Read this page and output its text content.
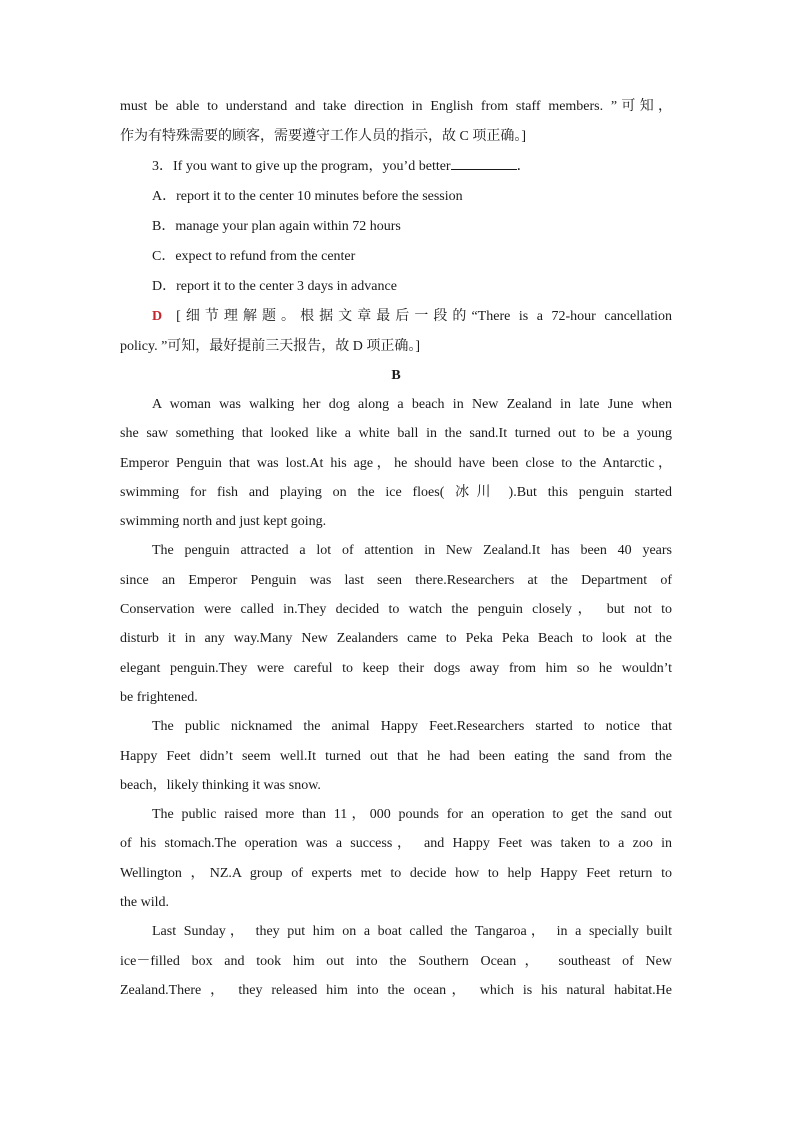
must be able to understand and take direction in English from staff members. ”可知，
作为有特殊需要的顾客，需要遵守工作人员的指示，故 C 项正确。]
3．If you want to give up the program，you’d better	．
A．report it to the center 10 minutes before the session
B．manage your plan again within 72 hours
C．expect to refund from the center
D．report it to the center 3 days in advance
D [细节理解题。根据文章最后一段的“There is a 72-hour cancellation
policy. ”可知，最好提前三天报告，故 D 项正确。]
B

A woman was walking her dog along a beach in New Zealand in late June when
she saw something that looked like a white ball in the sand.It turned out to be a young
Emperor Penguin that was lost.At his age，he should have been close to the Antarctic，
swimming for fish and playing on the ice floes( 冰川 ).But this penguin started
swimming north and just kept going.

The penguin attracted a lot of attention in New Zealand.It has been 40 years
since an Emperor Penguin was last seen there.Researchers at the Department of
Conservation were called in.They decided to watch the penguin closely， but not to
disturb it in any way.Many New Zealanders came to Peka Peka Beach to look at the
elegant penguin.They were careful to keep their dogs away from him so he wouldn’t
be frightened.

The public nicknamed the animal Happy Feet.Researchers started to notice that
Happy Feet didn’t seem well.It turned out that he had been eating the sand from the
beach，likely thinking it was snow.

The public raised more than 11，000 pounds for an operation to get the sand out
of his stomach.The operation was a success， and Happy Feet was taken to a zoo in
Wellington ，NZ.A group of experts met to decide how to help Happy Feet return to
the wild.

Last Sunday， they put him on a boat called the Tangaroa， in a specially built
ice－filled box and took him out into the Southern Ocean， southeast of New
Zealand.There ， they released him into the ocean， which is his natural habitat.He
